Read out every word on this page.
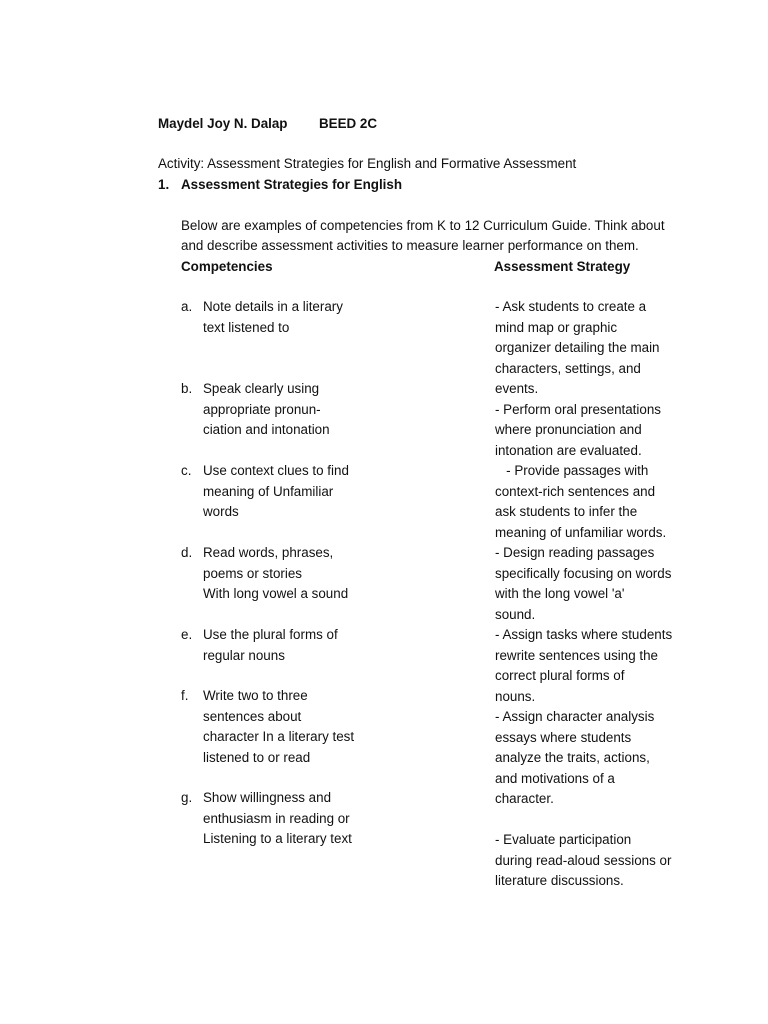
Maydel Joy N. Dalap BEED 2C
Activity: Assessment Strategies for English and Formative Assessment
1. Assessment Strategies for English
Below are examples of competencies from K to 12 Curriculum Guide. Think about
and describe assessment activities to measure learner performance on them.
Competencies	Assessment Strategy
a. Note details in a literary
text listened to
b. Speak clearly using
appropriate pronun-
ciation and intonation
c. Use context clues to find
meaning of Unfamiliar
words
d. Read words, phrases,
poems or stories
With long vowel a sound
e. Use the plural forms of
regular nouns
f. Write two to three
sentences about
character In a literary test
listened to or read
g. Show willingness and
enthusiasm in reading or
Listening to a literary text
- Ask students to create a
mind map or graphic
organizer detailing the main
characters, settings, and
events.
- Perform oral presentations
where pronunciation and
intonation are evaluated.
- Provide passages with
context-rich sentences and
ask students to infer the
meaning of unfamiliar words.
- Design reading passages
specifically focusing on words
with the long vowel 'a'
sound.
- Assign tasks where students
rewrite sentences using the
correct plural forms of
nouns.
- Assign character analysis
essays where students
analyze the traits, actions,
and motivations of a
character.
- Evaluate participation
during read-aloud sessions or
literature discussions.
